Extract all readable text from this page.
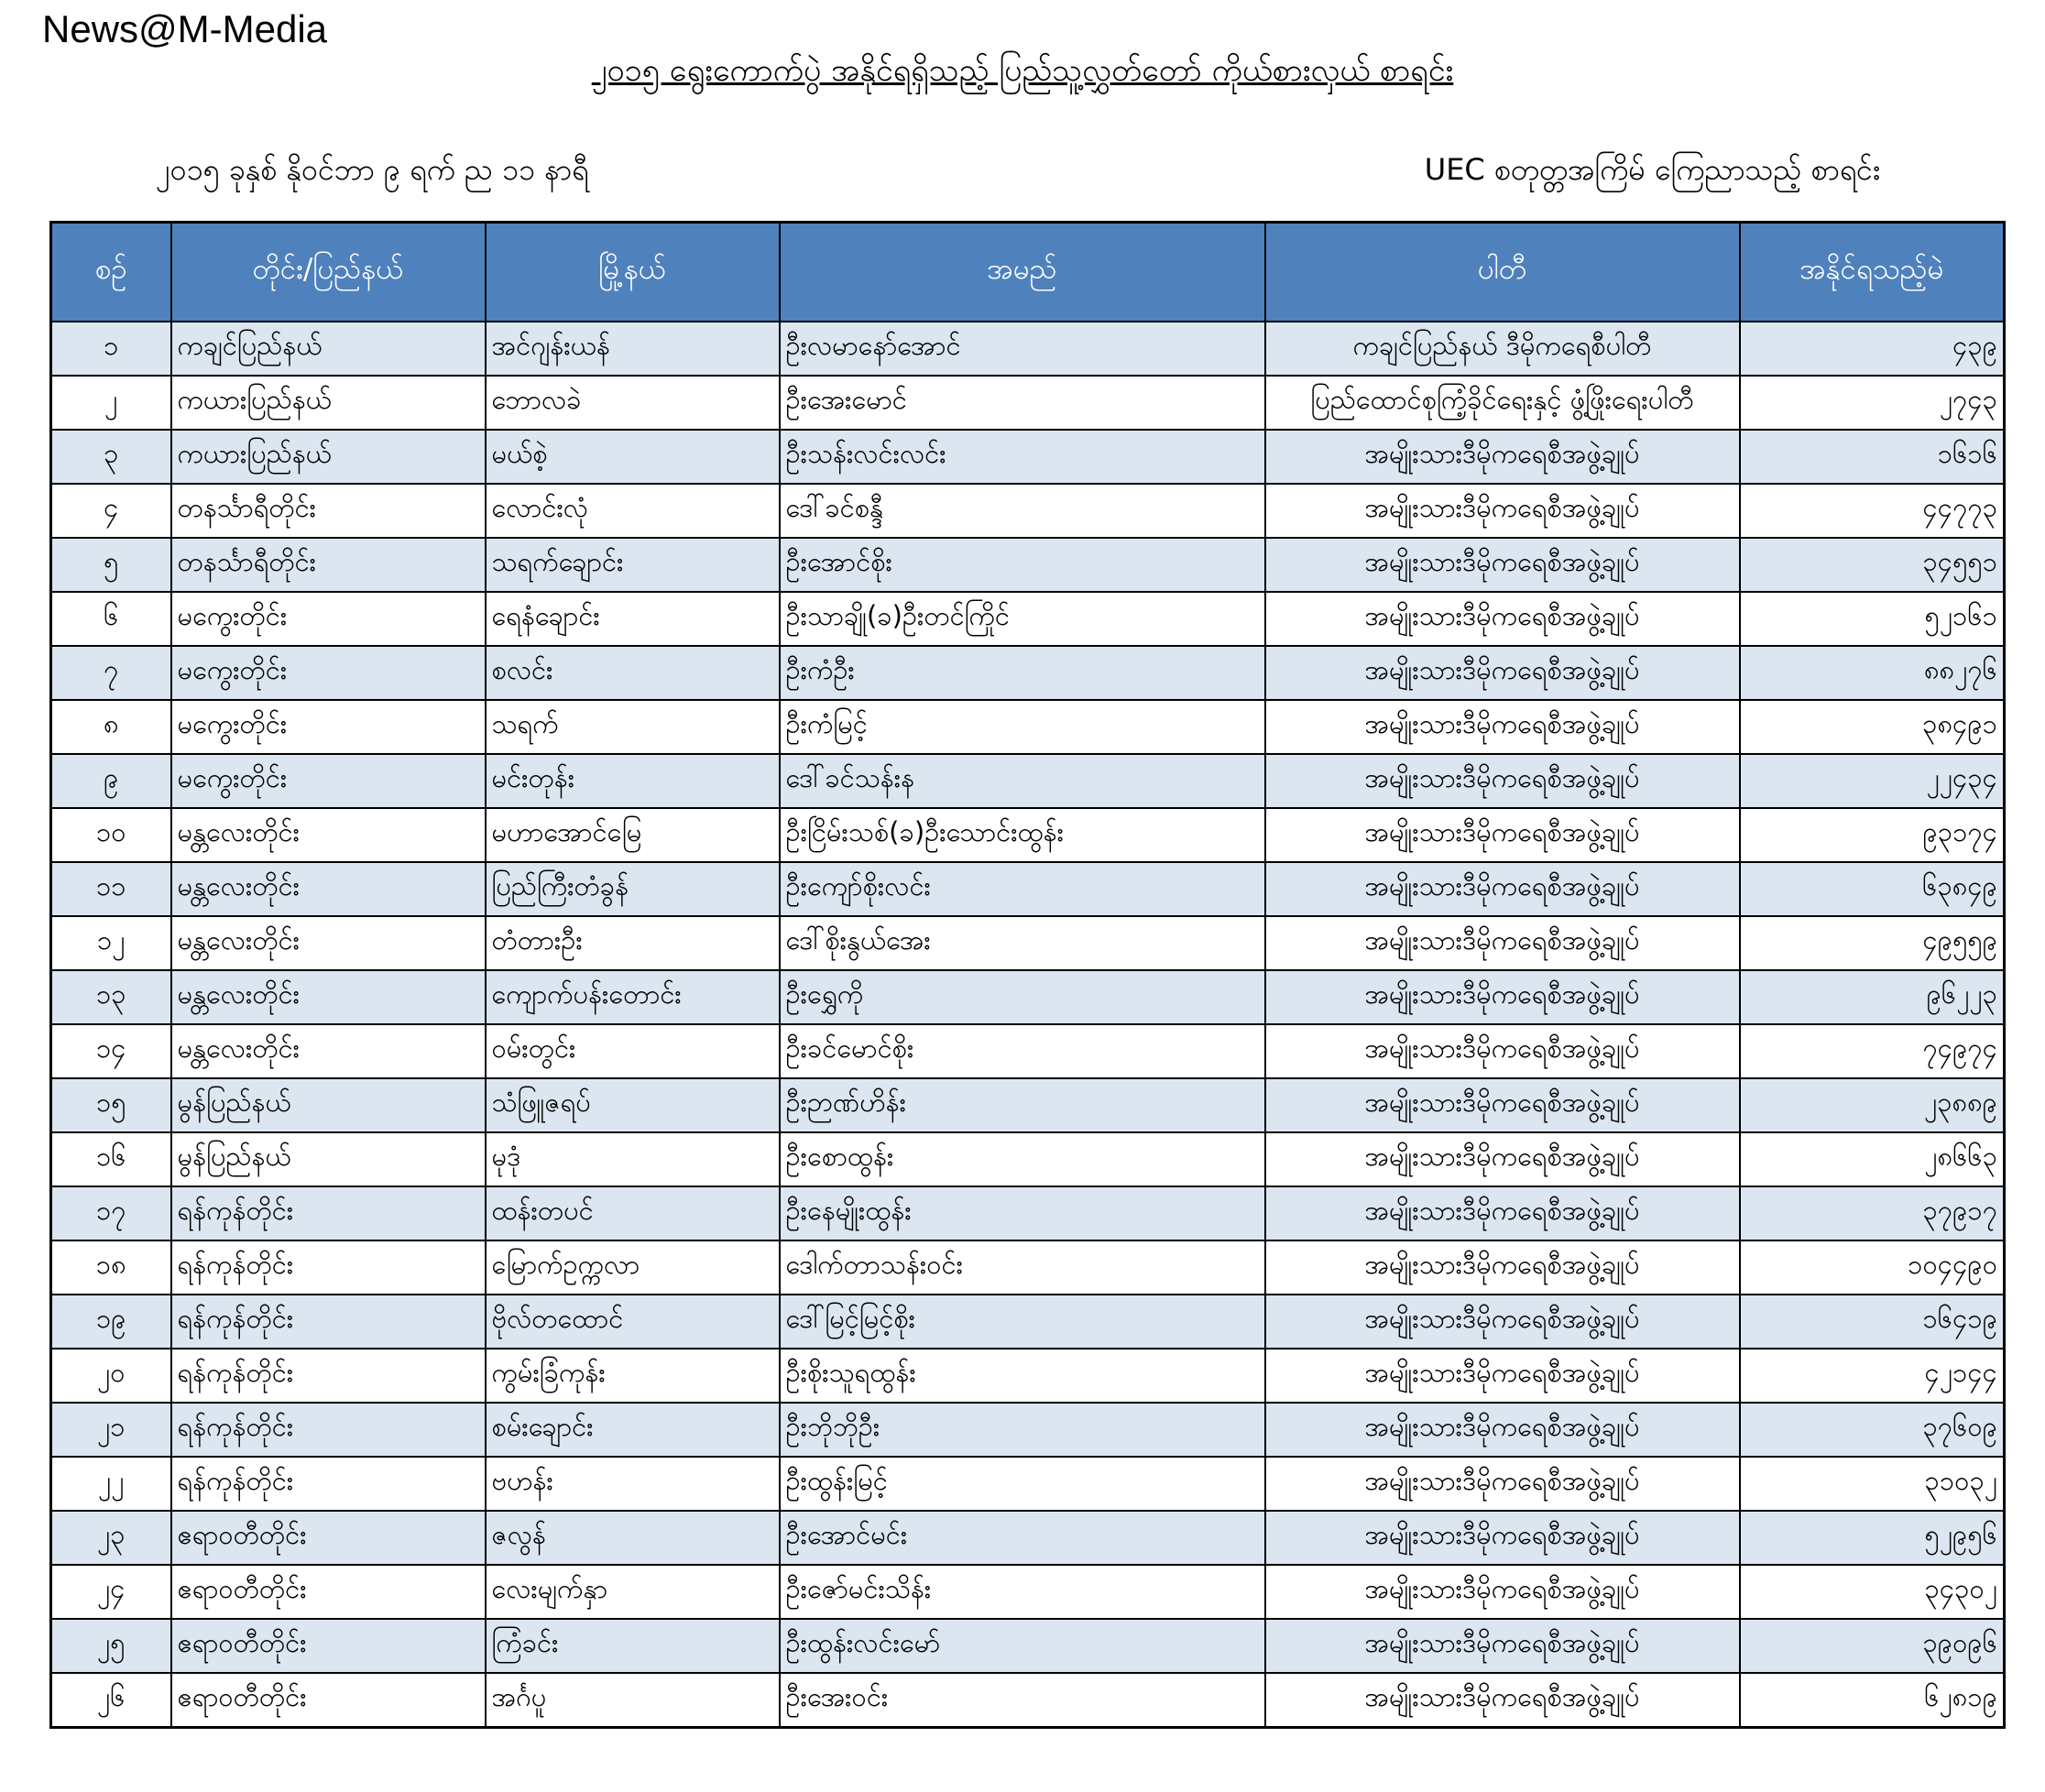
News@M-Media
၂၀၁၅ ရွေးကောက်ပွဲ အနိုင်ရရှိသည့် ပြည်သူ့လွှတ်တော် ကိုယ်စားလှယ် စာရင်း
၂၀၁၅ ခုနှစ် နိုဝင်ဘာ ၉ ရက် ည ၁၁ နာရီ	UEC စတုတ္တအကြိမ် ကြေညာသည့် စာရင်း
စဉ်	တိုင်း/ပြည်နယ်	မြို့နယ်	အမည်	ပါတီ	အနိုင်ရသည့်မဲ
၁	ကချင်ပြည်နယ်	အင်ဂျန်းယန်	ဦးလမာနော်အောင်	ကချင်ပြည်နယ် ဒီမိုကရေစီပါတီ	၄၃၉
၂	ကယားပြည်နယ်	ဘောလခဲ	ဦးအေးမောင်	ပြည်ထောင်စုကြံ့ခိုင်ရေးနှင့် ဖွံ့ဖြိုးရေးပါတီ	၂၇၄၃
၃	ကယားပြည်နယ်	မယ်စဲ့	ဦးသန်းလင်းလင်း	အမျိုးသားဒီမိုကရေစီအဖွဲ့ချုပ်	၁၆၁၆
၄	တနင်္သာရီတိုင်း	လောင်းလုံ	ဒေါ်ခင်စန္ဒီ	အမျိုးသားဒီမိုကရေစီအဖွဲ့ချုပ်	၄၄၇၇၃
၅	တနင်္သာရီတိုင်း	သရက်ချောင်း	ဦးအောင်စိုး	အမျိုးသားဒီမိုကရေစီအဖွဲ့ချုပ်	၃၄၅၅၁
၆	မကွေးတိုင်း	ရေနံချောင်း	ဦးသာချို(ခ)ဦးတင်ကြိုင်	အမျိုးသားဒီမိုကရေစီအဖွဲ့ချုပ်	၅၂၁၆၁
၇	မကွေးတိုင်း	စလင်း	ဦးကံဦး	အမျိုးသားဒီမိုကရေစီအဖွဲ့ချုပ်	၈၈၂၇၆
၈	မကွေးတိုင်း	သရက်	ဦးကံမြင့်	အမျိုးသားဒီမိုကရေစီအဖွဲ့ချုပ်	၃၈၄၉၁
၉	မကွေးတိုင်း	မင်းတုန်း	ဒေါ်ခင်သန်းန	အမျိုးသားဒီမိုကရေစီအဖွဲ့ချုပ်	၂၂၄၃၄
၁၀	မန္တလေးတိုင်း	မဟာအောင်မြေ	ဦးငြိမ်းသစ်(ခ)ဦးသောင်းထွန်း	အမျိုးသားဒီမိုကရေစီအဖွဲ့ချုပ်	၉၃၁၇၄
၁၁	မန္တလေးတိုင်း	ပြည်ကြီးတံခွန်	ဦးကျော်စိုးလင်း	အမျိုးသားဒီမိုကရေစီအဖွဲ့ချုပ်	၆၃၈၄၉
၁၂	မန္တလေးတိုင်း	တံတားဦး	ဒေါ်စိုးနွယ်အေး	အမျိုးသားဒီမိုကရေစီအဖွဲ့ချုပ်	၄၉၅၅၉
၁၃	မန္တလေးတိုင်း	ကျောက်ပန်းတောင်း	ဦးရွှေကို	အမျိုးသားဒီမိုကရေစီအဖွဲ့ချုပ်	၉၆၂၂၃
၁၄	မန္တလေးတိုင်း	ဝမ်းတွင်း	ဦးခင်မောင်စိုး	အမျိုးသားဒီမိုကရေစီအဖွဲ့ချုပ်	၇၄၉၇၄
၁၅	မွန်ပြည်နယ်	သံဖြူဇရပ်	ဦးဉာဏ်ဟိန်း	အမျိုးသားဒီမိုကရေစီအဖွဲ့ချုပ်	၂၃၈၈၉
၁၆	မွန်ပြည်နယ်	မုဒုံ	ဦးစောထွန်း	အမျိုးသားဒီမိုကရေစီအဖွဲ့ချုပ်	၂၈၆၆၃
၁၇	ရန်ကုန်တိုင်း	ထန်းတပင်	ဦးနေမျိုးထွန်း	အမျိုးသားဒီမိုကရေစီအဖွဲ့ချုပ်	၃၇၉၁၇
၁၈	ရန်ကုန်တိုင်း	မြောက်ဥက္ကလာ	ဒေါက်တာသန်းဝင်း	အမျိုးသားဒီမိုကရေစီအဖွဲ့ချုပ်	၁၀၄၄၉၀
၁၉	ရန်ကုန်တိုင်း	ဗိုလ်တထောင်	ဒေါ်မြင့်မြင့်စိုး	အမျိုးသားဒီမိုကရေစီအဖွဲ့ချုပ်	၁၆၄၁၉
၂၀	ရန်ကုန်တိုင်း	ကွမ်းခြံကုန်း	ဦးစိုးသူရထွန်း	အမျိုးသားဒီမိုကရေစီအဖွဲ့ချုပ်	၄၂၁၄၄
၂၁	ရန်ကုန်တိုင်း	စမ်းချောင်း	ဦးဘိုဘိုဦး	အမျိုးသားဒီမိုကရေစီအဖွဲ့ချုပ်	၃၇၆၀၉
၂၂	ရန်ကုန်တိုင်း	ဗဟန်း	ဦးထွန်းမြင့်	အမျိုးသားဒီမိုကရေစီအဖွဲ့ချုပ်	၃၁၀၃၂
၂၃	ဧရာဝတီတိုင်း	ဇလွန်	ဦးအောင်မင်း	အမျိုးသားဒီမိုကရေစီအဖွဲ့ချုပ်	၅၂၉၅၆
၂၄	ဧရာဝတီတိုင်း	လေးမျက်နှာ	ဦးဇော်မင်းသိန်း	အမျိုးသားဒီမိုကရေစီအဖွဲ့ချုပ်	၃၄၃၀၂
၂၅	ဧရာဝတီတိုင်း	ကြံခင်း	ဦးထွန်းလင်းမော်	အမျိုးသားဒီမိုကရေစီအဖွဲ့ချုပ်	၃၉၀၉၆
၂၆	ဧရာဝတီတိုင်း	အင်္ဂပူ	ဦးအေးဝင်း	အမျိုးသားဒီမိုကရေစီအဖွဲ့ချုပ်	၆၂၈၁၉
